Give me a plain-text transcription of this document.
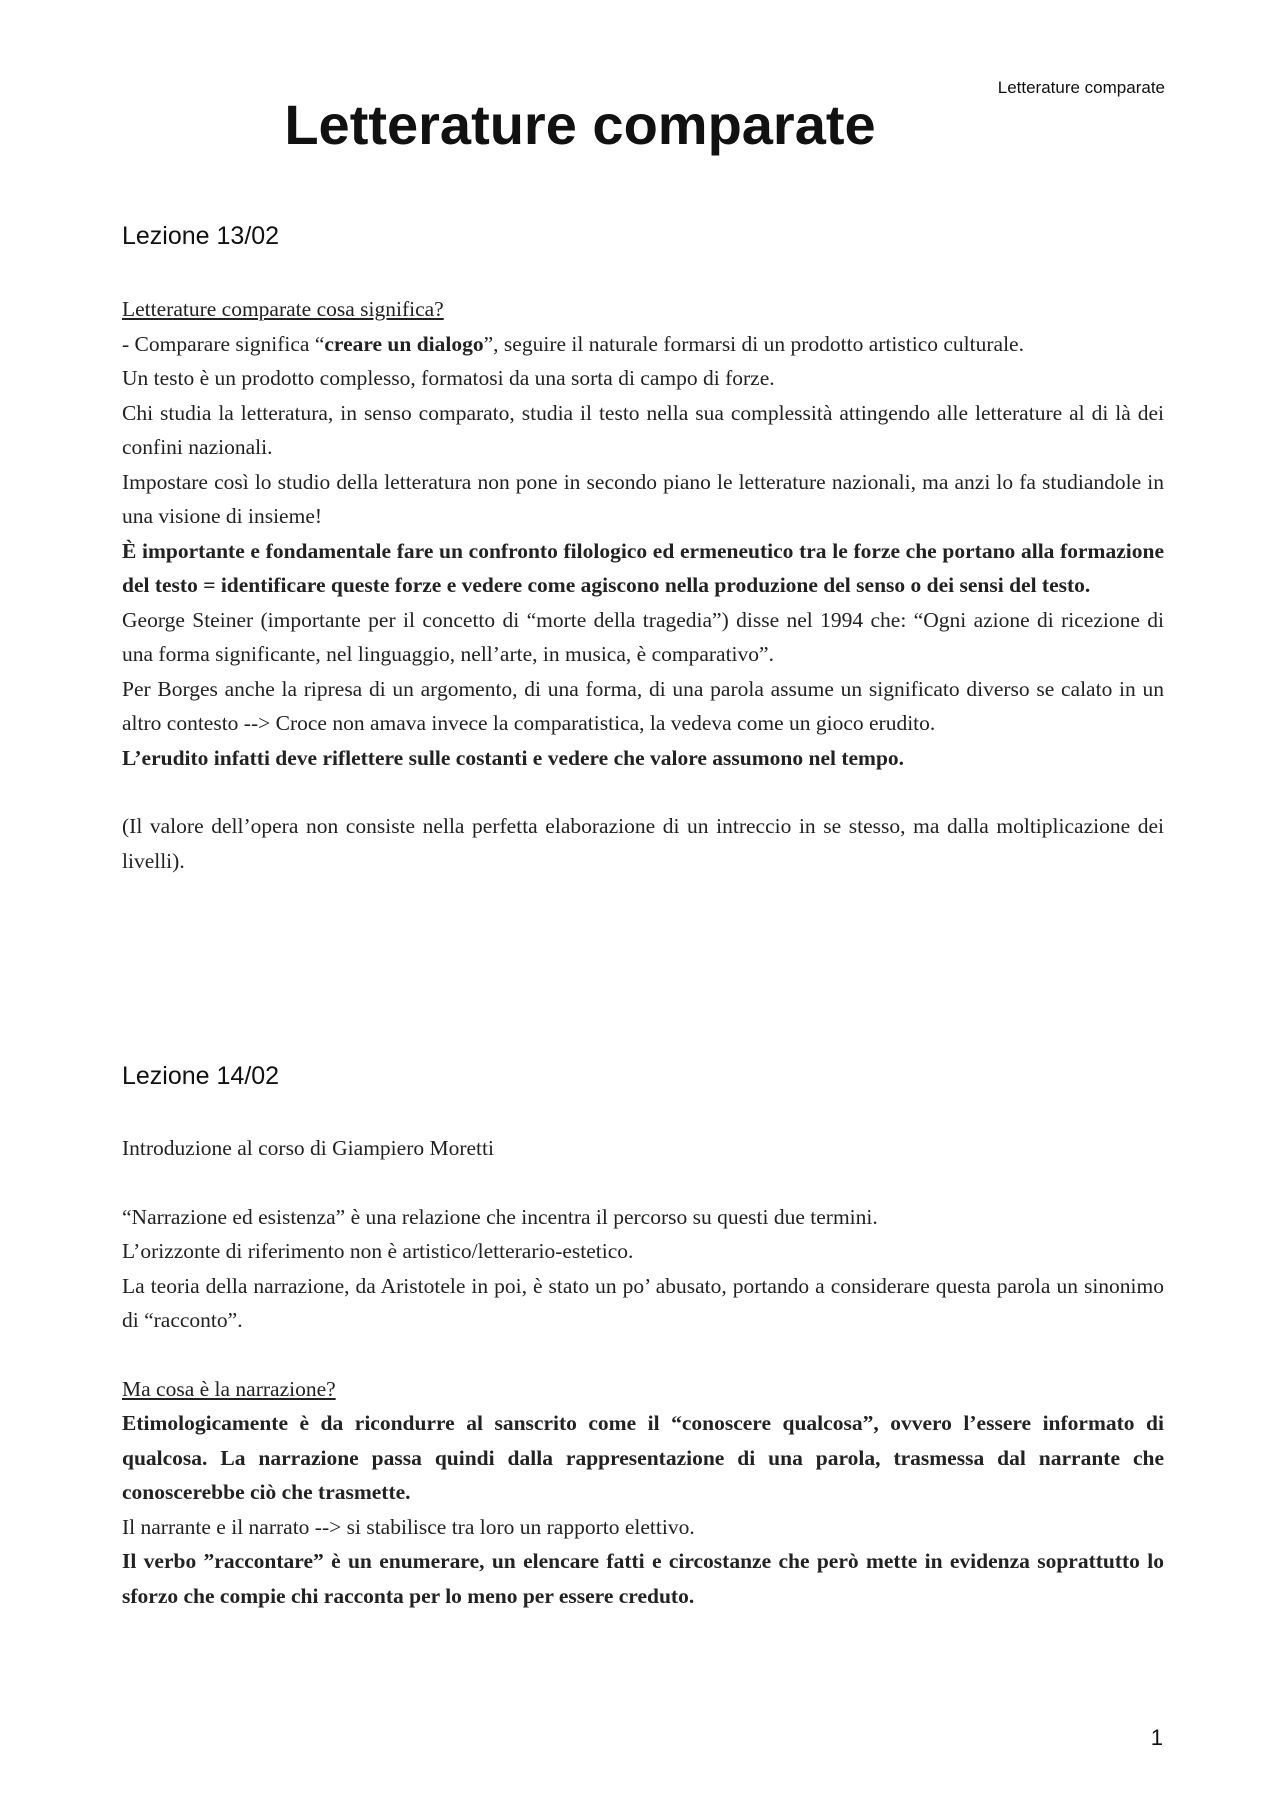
Letterature comparate
Letterature comparate
Lezione 13/02

Letterature comparate cosa significa?

- Comparare significa “creare un dialogo”, seguire il naturale formarsi di un prodotto artistico culturale.

Un testo è un prodotto complesso, formatosi da una sorta di campo di forze.

Chi studia la letteratura, in senso comparato, studia il testo nella sua complessità attingendo alle letterature al di là dei confini nazionali.

Impostare così lo studio della letteratura non pone in secondo piano le letterature nazionali, ma anzi lo fa studiandole in una visione di insieme!

È importante e fondamentale fare un confronto filologico ed ermeneutico tra le forze che portano alla formazione del testo = identificare queste forze e vedere come agiscono nella produzione del senso o dei sensi del testo.

George Steiner (importante per il concetto di “morte della tragedia”) disse nel 1994 che: “Ogni azione di ricezione di una forma significante, nel linguaggio, nell’arte, in musica, è comparativo”.

Per Borges anche la ripresa di un argomento, di una forma, di una parola assume un significato diverso se calato in un altro contesto --> Croce non amava invece la comparatistica, la vedeva come un gioco erudito.

L’erudito infatti deve riflettere sulle costanti e vedere che valore assumono nel tempo.

(Il valore dell’opera non consiste nella perfetta elaborazione di un intreccio in se stesso, ma dalla moltiplicazione dei livelli).

Lezione 14/02

Introduzione al corso di Giampiero Moretti

“Narrazione ed esistenza” è una relazione che incentra il percorso su questi due termini.

L’orizzonte di riferimento non è artistico/letterario-estetico.

La teoria della narrazione, da Aristotele in poi, è stato un po’ abusato, portando a considerare questa parola un sinonimo di “racconto”.

Ma cosa è la narrazione?

Etimologicamente è da ricondurre al sanscrito come il “conoscere qualcosa”, ovvero l’essere informato di qualcosa. La narrazione passa quindi dalla rappresentazione di una parola, trasmessa dal narrante che conoscerebbe ciò che trasmette.

Il narrante e il narrato --> si stabilisce tra loro un rapporto elettivo.

Il verbo ”raccontare” è un enumerare, un elencare fatti e circostanze che però mette in evidenza soprattutto lo sforzo che compie chi racconta per lo meno per essere creduto.

1
